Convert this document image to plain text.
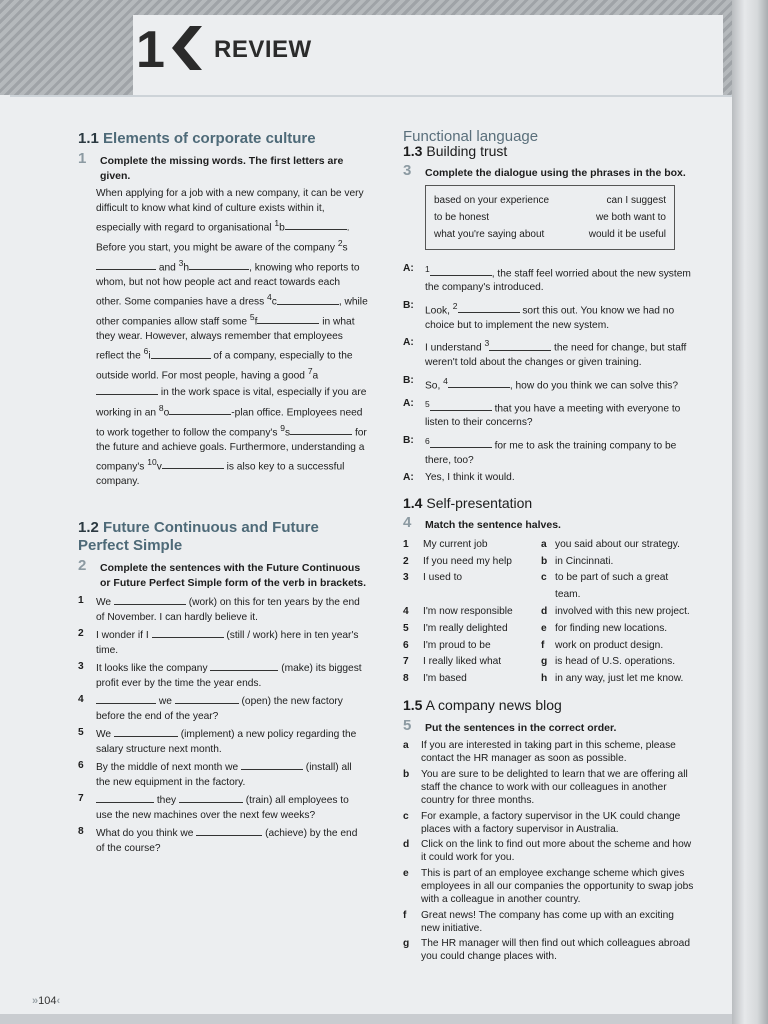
1 REVIEW
1.1 Elements of corporate culture
1	Complete the missing words. The first letters are given.
When applying for a job with a new company, it can be very difficult to know what kind of culture exists within it, especially with regard to organisational $^1$b	. Before you start, you might be aware of the company $^2$s and $^3$h	, knowing who reports to whom, but not how people act and react towards each other. Some companies have a dress $^4$c	, while other companies allow staff some $^5$f	in what they wear. However, always remember that employees reflect the $^6$i	of a company, especially to the outside world. For most people, having a good $^7$a in the work space is vital, especially if you are working in an $^8$o	-plan office. Employees need to work together to follow the company's $^9$s	for the future and achieve goals. Furthermore, understanding a company's $^{10}$v	is also key to a successful company.
1.2 Future Continuous and Future Perfect Simple
2	Complete the sentences with the Future Continuous or Future Perfect Simple form of the verb in brackets.
1	We	(work) on this for ten years by the end of November. I can hardly believe it.
2	I wonder if I	(still / work) here in ten year's time.
3	It looks like the company	(make) its biggest profit ever by the time the year ends.
4	we	(open) the new factory before the end of the year?
5	We	(implement) a new policy regarding the salary structure next month.
6	By the middle of next month we	(install) all the new equipment in the factory.
7	they	(train) all employees to use the new machines over the next few weeks?
8	What do you think we	(achieve) by the end of the course?
Functional language
1.3 Building trust
3	Complete the dialogue using the phrases in the box.
based on your experience	can I suggest
to be honest	we both want to
what you're saying about	would it be useful
A:	$^1$	, the staff feel worried about the new system the company's introduced.
B:	Look, $^2$	sort this out. You know we had no choice but to implement the new system.
A:	I understand $^3$	the need for change, but staff weren't told about the changes or given training.
B:	So, $^4$	, how do you think we can solve this?
A:	$^5$	that you have a meeting with everyone to listen to their concerns?
B:	$^6$	for me to ask the training company to be there, too?
A:	Yes, I think it would.
1.4 Self-presentation
4	Match the sentence halves.
1	My current job	a you said about our strategy.
2	If you need my help	b in Cincinnati.
3	I used to	c to be part of such a great team.
4	I'm now responsible	d involved with this new project.
5	I'm really delighted	e for finding new locations.
6	I'm proud to be	f	work on product design.
7	I really liked what	g is head of U.S. operations.
8	I'm based	h in any way, just let me know.
1.5 A company news blog
5	Put the sentences in the correct order.
a	If you are interested in taking part in this scheme, please contact the HR manager as soon as possible.
b	You are sure to be delighted to learn that we are offering all staff the chance to work with our colleagues in another country for three months.
c	For example, a factory supervisor in the UK could change places with a factory supervisor in Australia.
d	Click on the link to find out more about the scheme and how it could work for you.
e	This is part of an employee exchange scheme which gives employees in all our companies the opportunity to swap jobs with a colleague in another country.
f	Great news! The company has come up with an exciting new initiative.
g	The HR manager will then find out which colleagues abroad you could change places with.
»104‹
